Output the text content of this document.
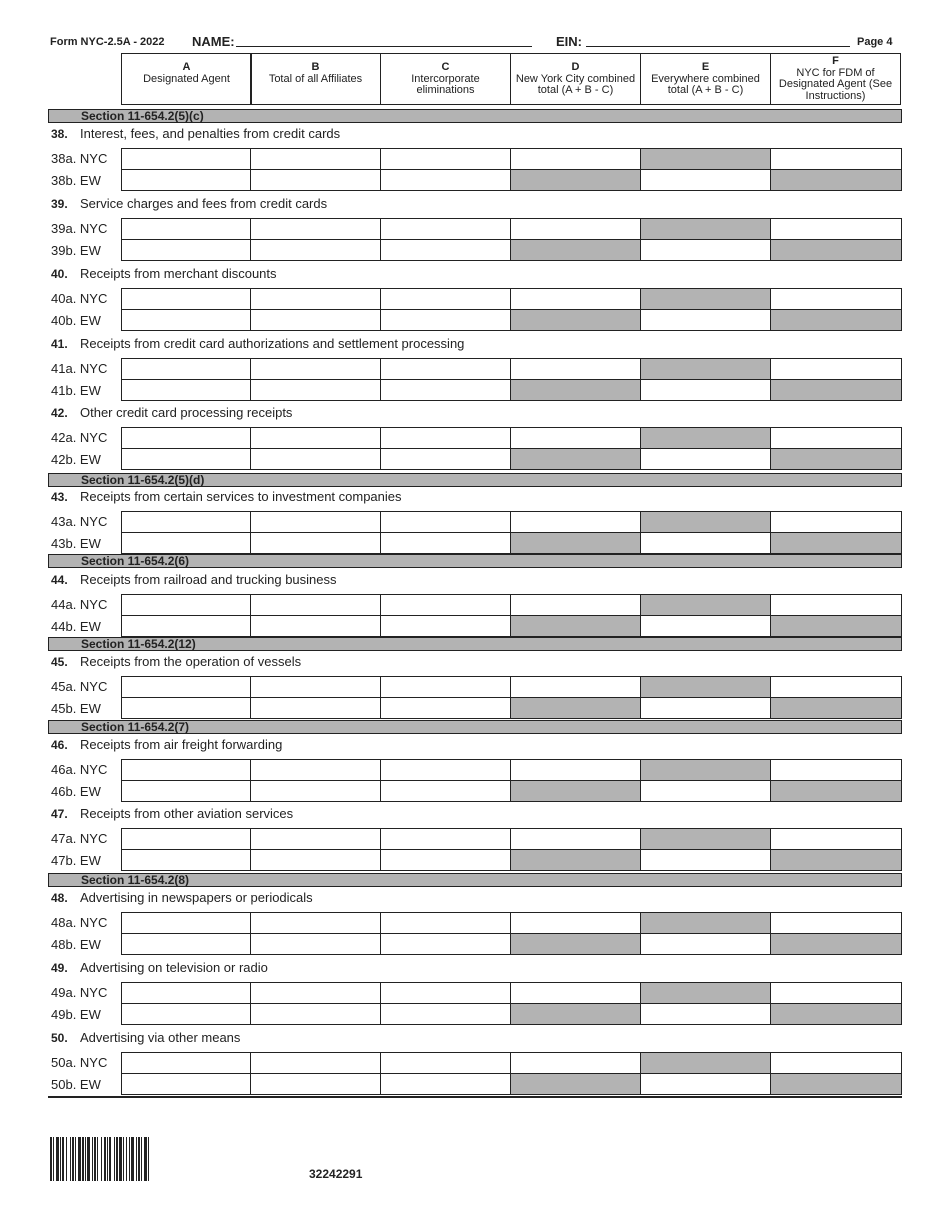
Form NYC-2.5A - 2022 NAME:	EIN:	Page 4
A
Designated Agent
B
Total of all Affiliates
C
Intercorporate eliminations
D
New York City combined total (A + B - C)
E
Everywhere combined total (A + B - C)
F
NYC for FDM of Designated Agent (See Instructions)
Section 11-654.2(5)(c)
38. Interest, fees, and penalties from credit cards
38a. NYC
38b. EW
39. Service charges and fees from credit cards
39a. NYC
39b. EW
40. Receipts from merchant discounts
40a. NYC
40b. EW
41. Receipts from credit card authorizations and settlement processing
41a. NYC
41b. EW
42. Other credit card processing receipts
42a. NYC
42b. EW
Section 11-654.2(5)(d)
43. Receipts from certain services to investment companies
43a. NYC
43b. EW
Section 11-654.2(6)
44. Receipts from railroad and trucking business
44a. NYC
44b. EW
Section 11-654.2(12)
45. Receipts from the operation of vessels
45a. NYC
45b. EW
Section 11-654.2(7)
46. Receipts from air freight forwarding
46a. NYC
46b. EW
47. Receipts from other aviation services
47a. NYC
47b. EW
Section 11-654.2(8)
48. Advertising in newspapers or periodicals
48a. NYC
48b. EW
49. Advertising on television or radio
49a. NYC
49b. EW
50. Advertising via other means
50a. NYC
50b. EW
32242291
